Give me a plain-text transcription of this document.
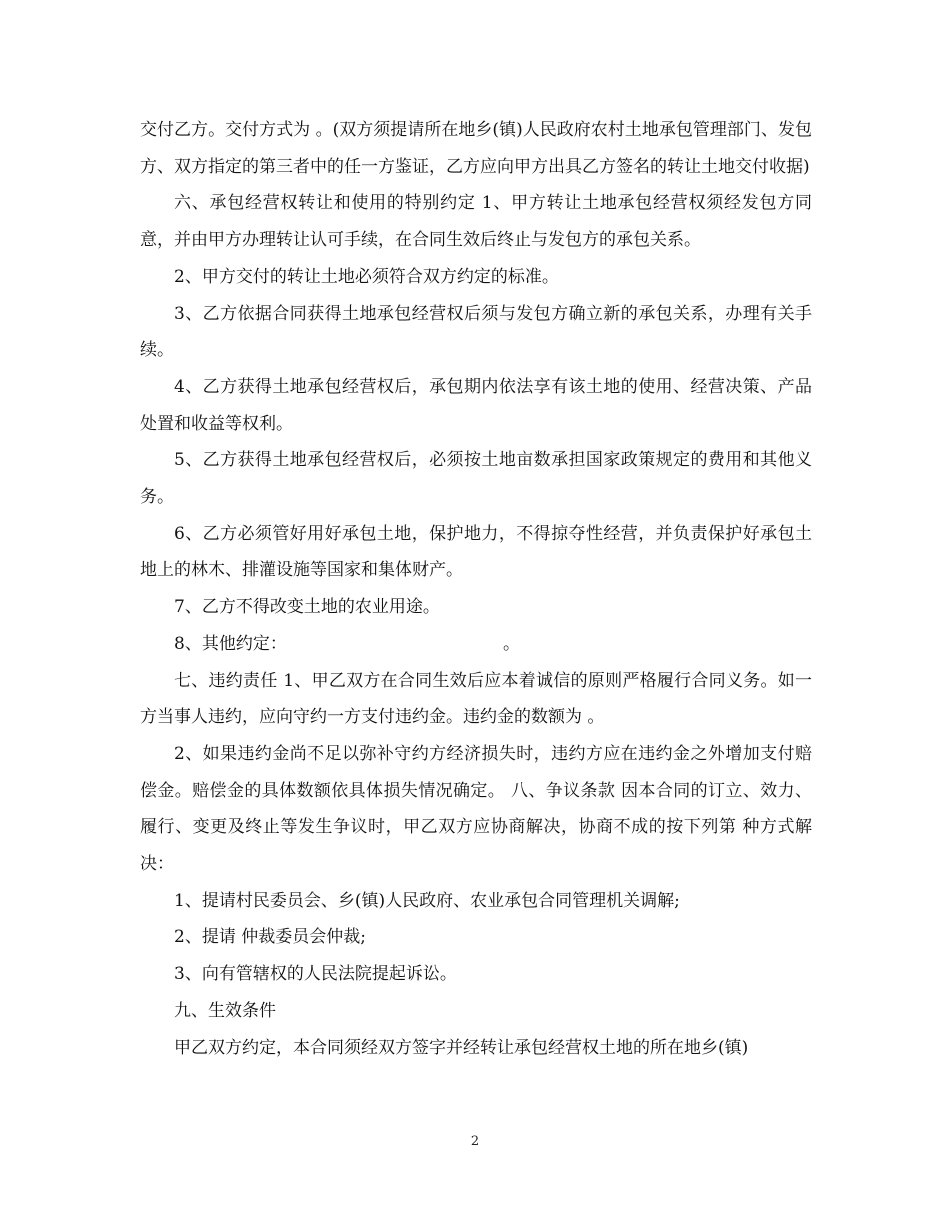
交付乙方。交付方式为 。(双方须提请所在地乡(镇)人民政府农村土地承包管理部门、发包方、双方指定的第三者中的任一方鉴证，乙方应向甲方出具乙方签名的转让土地交付收据)

六、承包经营权转让和使用的特别约定 1、甲方转让土地承包经营权须经发包方同意，并由甲方办理转让认可手续，在合同生效后终止与发包方的承包关系。

2、甲方交付的转让土地必须符合双方约定的标准。

3、乙方依据合同获得土地承包经营权后须与发包方确立新的承包关系，办理有关手续。

4、乙方获得土地承包经营权后，承包期内依法享有该土地的使用、经营决策、产品处置和收益等权利。

5、乙方获得土地承包经营权后，必须按土地亩数承担国家政策规定的费用和其他义务。

6、乙方必须管好用好承包土地，保护地力，不得掠夺性经营，并负责保护好承包土地上的林木、排灌设施等国家和集体财产。

7、乙方不得改变土地的农业用途。

8、其他约定：                                        。

七、违约责任 1、甲乙双方在合同生效后应本着诚信的原则严格履行合同义务。如一方当事人违约，应向守约一方支付违约金。违约金的数额为 。

2、如果违约金尚不足以弥补守约方经济损失时，违约方应在违约金之外增加支付赔偿金。赔偿金的具体数额依具体损失情况确定。 八、争议条款 因本合同的订立、效力、履行、变更及终止等发生争议时，甲乙双方应协商解决，协商不成的按下列第 种方式解决：

1、提请村民委员会、乡(镇)人民政府、农业承包合同管理机关调解;

2、提请 仲裁委员会仲裁;

3、向有管辖权的人民法院提起诉讼。

九、生效条件

甲乙双方约定，本合同须经双方签字并经转让承包经营权土地的所在地乡(镇)

2
